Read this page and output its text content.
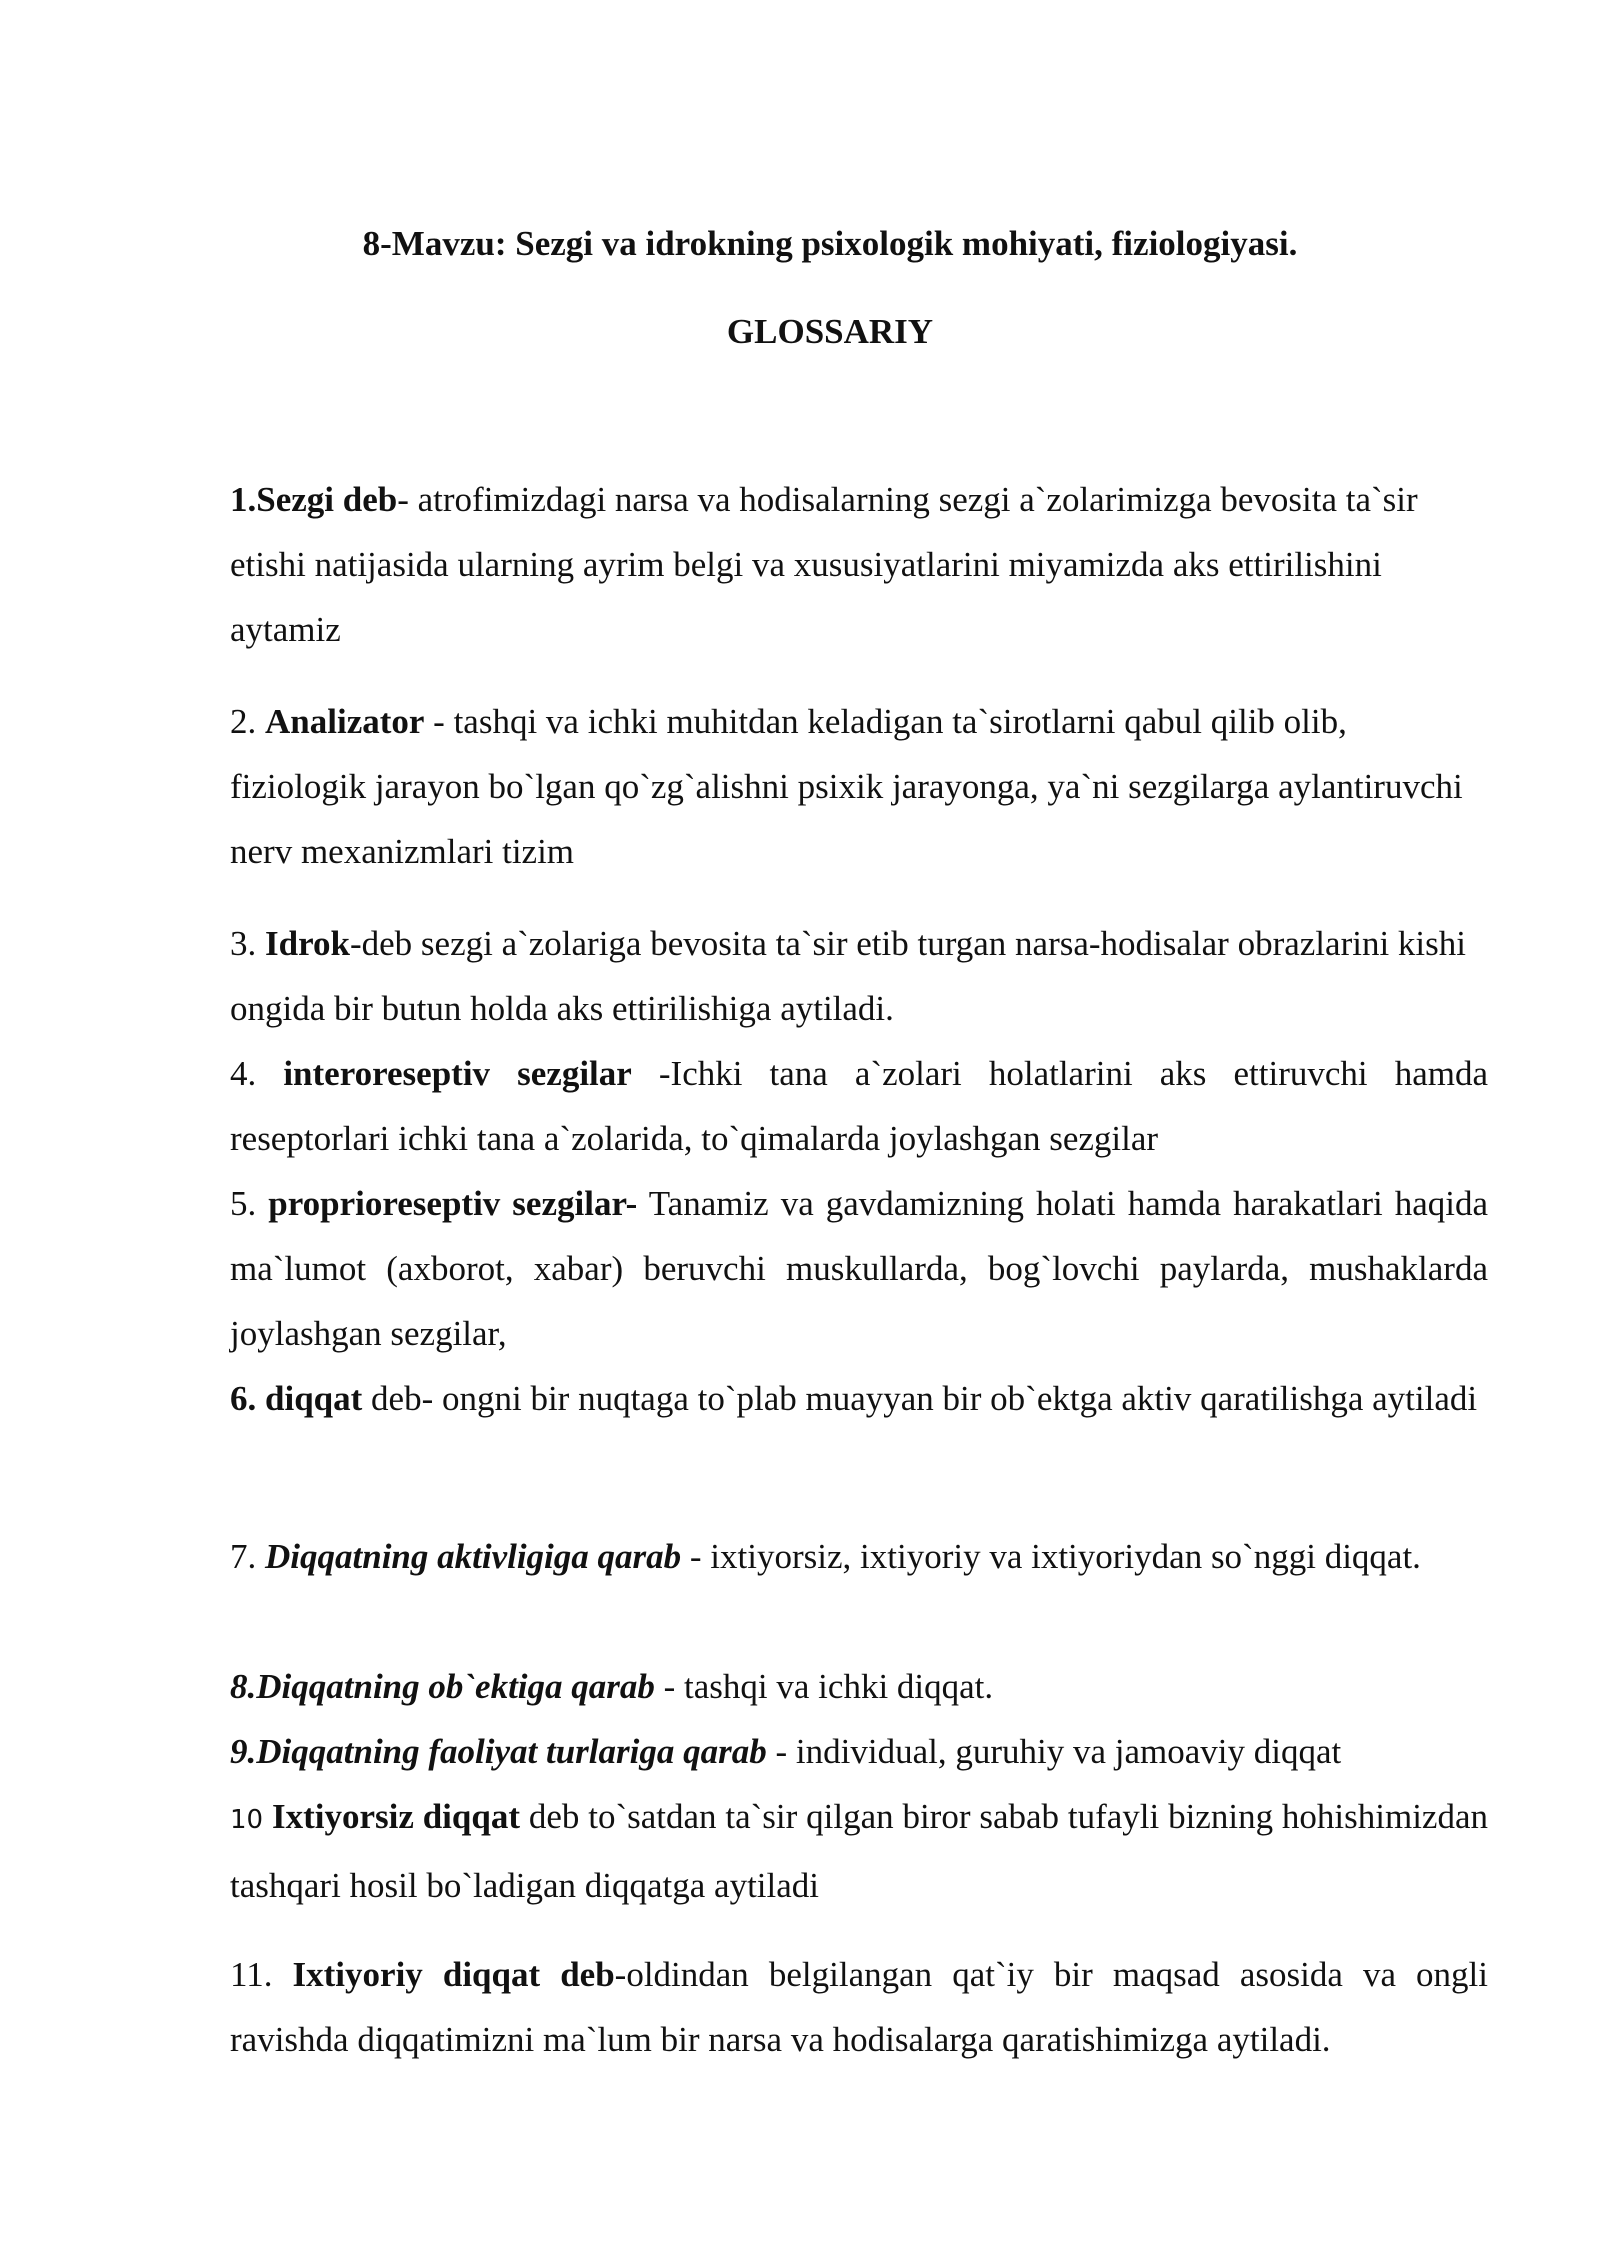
8-Mavzu: Sezgi va idrokning psixologik mohiyati, fiziologiyasi.
GLOSSARIY

1.Sezgi deb- atrofimizdagi narsa va hodisalarning sezgi a`zolarimizga bevosita ta`sir etishi natijasida ularning ayrim belgi va xususiyatlarini miyamizda aks ettirilishini aytamiz

2. Analizator - tashqi va ichki muhitdan keladigan ta`sirotlarni qabul qilib olib, fiziologik jarayon bo`lgan qo`zg`alishni psixik jarayonga, ya`ni sezgilarga aylantiruvchi nerv mexanizmlari tizim

3. Idrok-deb sezgi a`zolariga bevosita ta`sir etib turgan narsa-hodisalar obrazlarini kishi ongida bir butun holda aks ettirilishiga aytiladi.

4. interoreseptiv sezgilar -Ichki tana a`zolari holatlarini aks ettiruvchi hamda reseptorlari ichki tana a`zolarida, to`qimalarda joylashgan sezgilar

5. proprioreseptiv sezgilar- Tanamiz va gavdamizning holati hamda harakatlari haqida ma`lumot (axborot, xabar) beruvchi muskullarda, bog`lovchi paylarda, mushaklarda joylashgan sezgilar,

6. diqqat deb- ongni bir nuqtaga to`plab muayyan bir ob`ektga aktiv qaratilishga aytiladi

7. Diqqatning aktivligiga qarab - ixtiyorsiz, ixtiyoriy va ixtiyoriydan so`nggi diqqat.

8.Diqqatning ob`ektiga qarab - tashqi va ichki diqqat.

9.Diqqatning faoliyat turlariga qarab - individual, guruhiy va jamoaviy diqqat

10 Ixtiyorsiz diqqat deb to`satdan ta`sir qilgan biror sabab tufayli bizning hohishimizdan tashqari hosil bo`ladigan diqqatga aytiladi

11. Ixtiyoriy diqqat deb-oldindan belgilangan qat`iy bir maqsad asosida va ongli ravishda diqqatimizni ma`lum bir narsa va hodisalarga qaratishimizga aytiladi.
